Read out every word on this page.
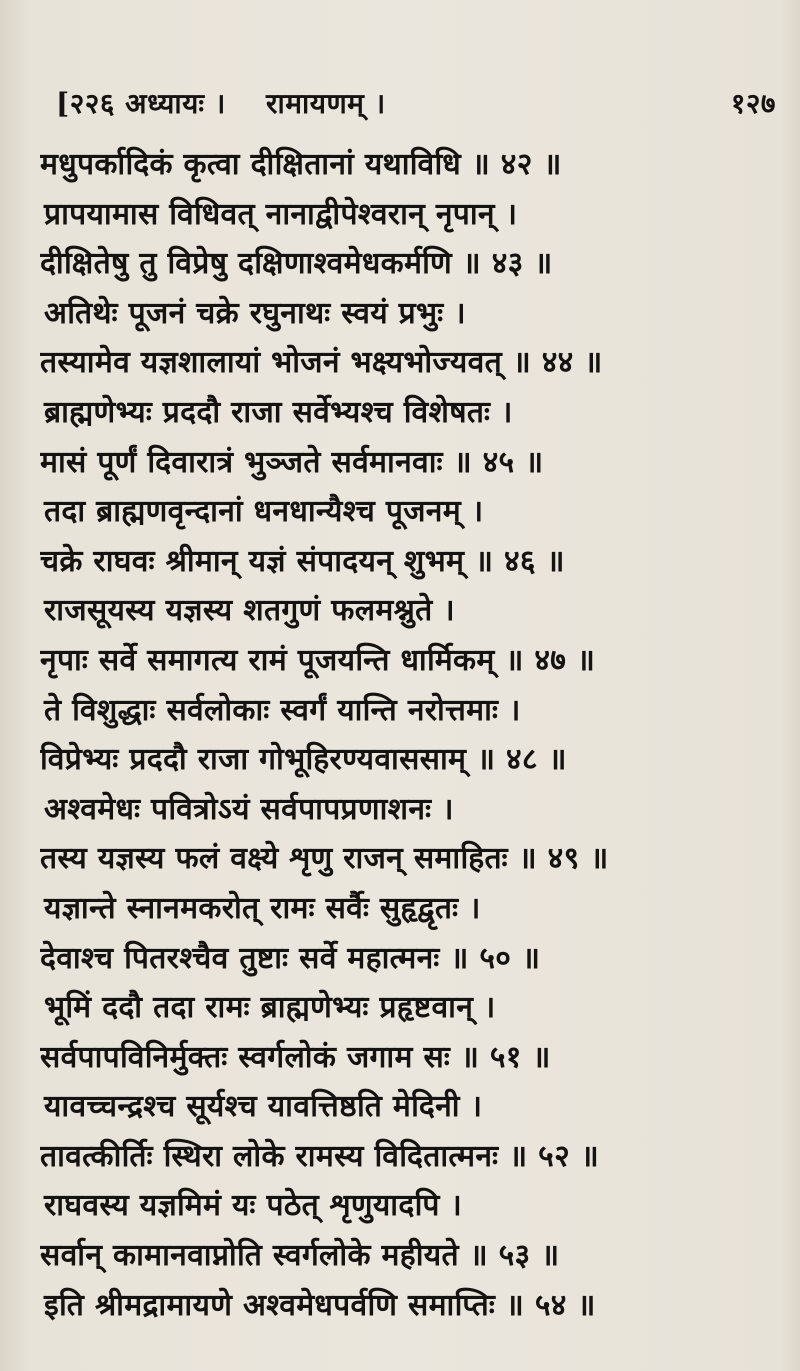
[२२६ अध्यायः । रामायणम्‌ ।	१२७
मधुपर्कादिकं कृत्वा दीक्षितानां यथाविधि ॥ ४२ ॥
प्रापयामास विधिवत्‌ नानाद्वीपेश्वरान्‌ नृपान्‌ ।
दीक्षितेषु तु विप्रेषु दक्षिणाश्वमेधकर्मणि ॥ ४३ ॥
अतिथेः पूजनं चक्रे रघुनाथः स्वयं प्रभुः ।
तस्यामेव यज्ञशालायां भोजनं भक्ष्यभोज्यवत्‌ ॥ ४४ ॥
ब्राह्मणेभ्यः प्रददौ राजा सर्वेभ्यश्च विशेषतः ।
मासं पूर्णं दिवारात्रं भुञ्जते सर्वमानवाः ॥ ४५ ॥
तदा ब्राह्मणवृन्दानां धनधान्यैश्च पूजनम्‌ ।
चक्रे राघवः श्रीमान्‌ यज्ञं संपादयन्‌ शुभम्‌ ॥ ४६ ॥
राजसूयस्य यज्ञस्य शतगुणं फलमश्नुते ।
नृपाः सर्वे समागत्य रामं पूजयन्ति धार्मिकम्‌ ॥ ४७ ॥
ते विशुद्धाः सर्वलोकाः स्वर्गं यान्ति नरोत्तमाः ।
विप्रेभ्यः प्रददौ राजा गोभूहिरण्यवाससाम्‌ ॥ ४८ ॥
अश्वमेधः पवित्रोऽयं सर्वपापप्रणाशनः ।
तस्य यज्ञस्य फलं वक्ष्ये शृणु राजन्‌ समाहितः ॥ ४९ ॥
यज्ञान्ते स्नानमकरोत्‌ रामः सर्वैः सुहृद्वृतः ।
देवाश्च पितरश्चैव तुष्टाः सर्वे महात्मनः ॥ ५० ॥
भूमिं ददौ तदा रामः ब्राह्मणेभ्यः प्रहृष्टवान्‌ ।
सर्वपापविनिर्मुक्तः स्वर्गलोकं जगाम सः ॥ ५१ ॥
यावच्चन्द्रश्च सूर्यश्च यावत्तिष्ठति मेदिनी ।
तावत्कीर्तिः स्थिरा लोके रामस्य विदितात्मनः ॥ ५२ ॥
राघवस्य यज्ञमिमं यः पठेत्‌ शृणुयादपि ।
सर्वान्‌ कामानवाप्नोति स्वर्गलोके महीयते ॥ ५३ ॥
इति श्रीमद्रामायणे अश्वमेधपर्वणि समाप्तिः ॥ ५४ ॥
